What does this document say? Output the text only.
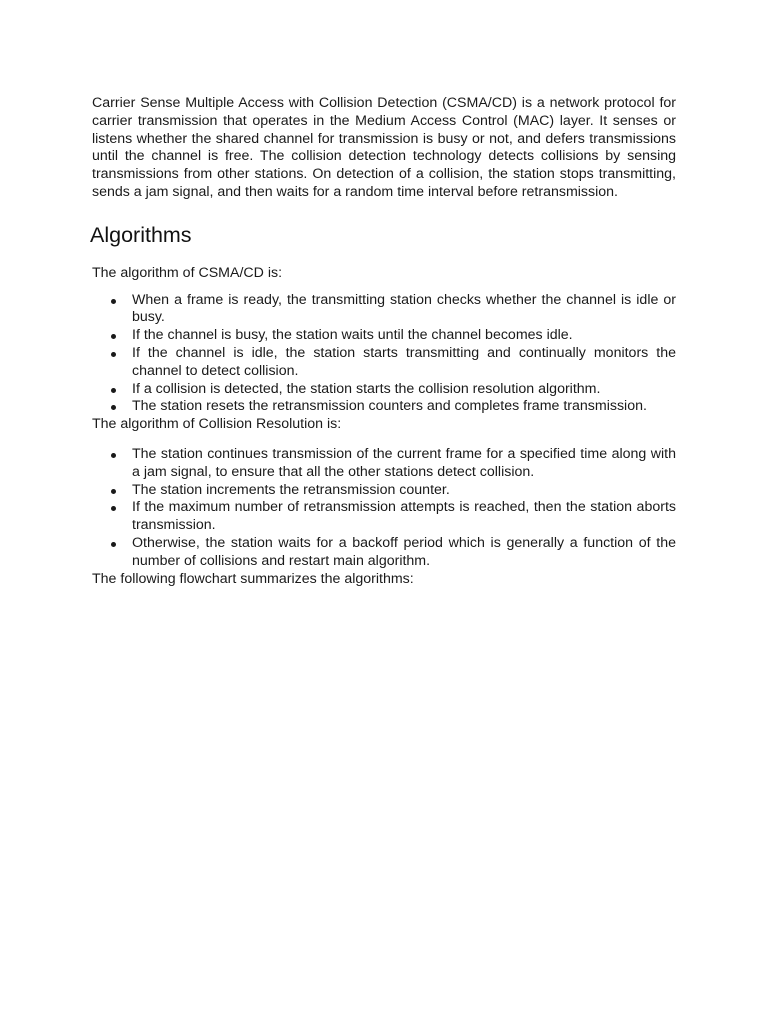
Carrier Sense Multiple Access with Collision Detection (CSMA/CD) is a network protocol for carrier transmission that operates in the Medium Access Control (MAC) layer. It senses or listens whether the shared channel for transmission is busy or not, and defers transmissions until the channel is free. The collision detection technology detects collisions by sensing transmissions from other stations. On detection of a collision, the station stops transmitting, sends a jam signal, and then waits for a random time interval before retransmission.

Algorithms

The algorithm of CSMA/CD is:

When a frame is ready, the transmitting station checks whether the channel is idle or busy.
If the channel is busy, the station waits until the channel becomes idle.
If the channel is idle, the station starts transmitting and continually monitors the channel to detect collision.
If a collision is detected, the station starts the collision resolution algorithm.
The station resets the retransmission counters and completes frame transmission.

The algorithm of Collision Resolution is:

The station continues transmission of the current frame for a specified time along with a jam signal, to ensure that all the other stations detect collision.
The station increments the retransmission counter.
If the maximum number of retransmission attempts is reached, then the station aborts transmission.
Otherwise, the station waits for a backoff period which is generally a function of the number of collisions and restart main algorithm.

The following flowchart summarizes the algorithms:
